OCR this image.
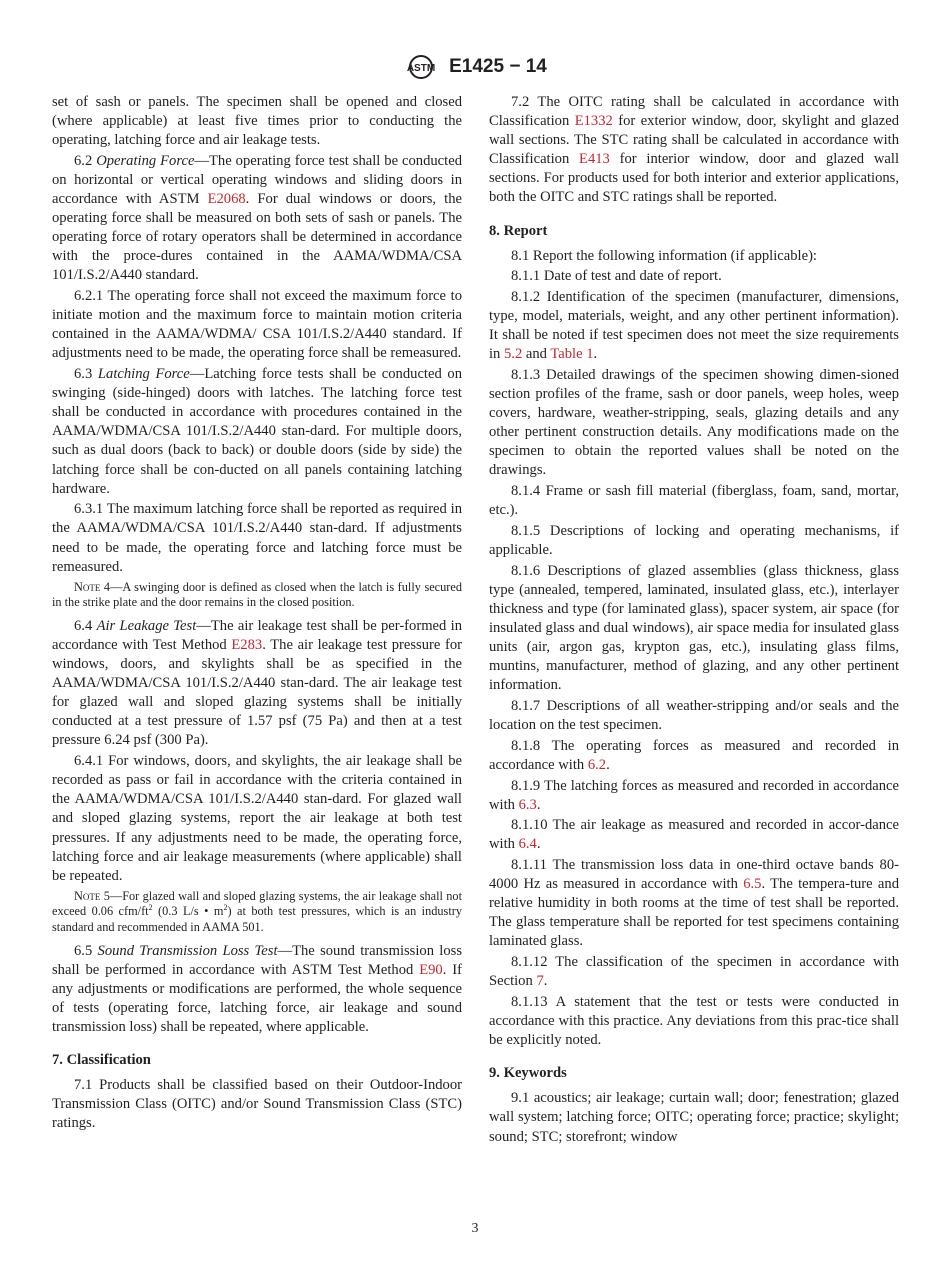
ASTM E1425 − 14

set of sash or panels. The specimen shall be opened and closed (where applicable) at least five times prior to conducting the operating, latching force and air leakage tests.

6.2 Operating Force—The operating force test shall be conducted on horizontal or vertical operating windows and sliding doors in accordance with ASTM E2068. For dual windows or doors, the operating force shall be measured on both sets of sash or panels. The operating force of rotary operators shall be determined in accordance with the proce-dures contained in the AAMA/WDMA/CSA 101/I.S.2/A440 standard.

6.2.1 The operating force shall not exceed the maximum force to initiate motion and the maximum force to maintain motion criteria contained in the AAMA/WDMA/ CSA 101/I.S.2/A440 standard. If adjustments need to be made, the operating force shall be remeasured.

6.3 Latching Force—Latching force tests shall be conducted on swinging (side-hinged) doors with latches. The latching force test shall be conducted in accordance with procedures contained in the AAMA/WDMA/CSA 101/I.S.2/A440 stan-dard. For multiple doors, such as dual doors (back to back) or double doors (side by side) the latching force shall be con-ducted on all panels containing latching hardware.

6.3.1 The maximum latching force shall be reported as required in the AAMA/WDMA/CSA 101/I.S.2/A440 stan-dard. If adjustments need to be made, the operating force and latching force must be remeasured.

Note 4—A swinging door is defined as closed when the latch is fully secured in the strike plate and the door remains in the closed position.

6.4 Air Leakage Test—The air leakage test shall be per-formed in accordance with Test Method E283. The air leakage test pressure for windows, doors, and skylights shall be as specified in the AAMA/WDMA/CSA 101/I.S.2/A440 stan-dard. The air leakage test for glazed wall and sloped glazing systems shall be initially conducted at a test pressure of 1.57 psf (75 Pa) and then at a test pressure 6.24 psf (300 Pa).

6.4.1 For windows, doors, and skylights, the air leakage shall be recorded as pass or fail in accordance with the criteria contained in the AAMA/WDMA/CSA 101/I.S.2/A440 stan-dard. For glazed wall and sloped glazing systems, report the air leakage at both test pressures. If any adjustments need to be made, the operating force, latching force and air leakage measurements (where applicable) shall be repeated.

Note 5—For glazed wall and sloped glazing systems, the air leakage shall not exceed 0.06 cfm/$ft^2$ (0.3 L/s • $m^2$) at both test pressures, which is an industry standard and recommended in AAMA 501.

6.5 Sound Transmission Loss Test—The sound transmission loss shall be performed in accordance with ASTM Test Method E90. If any adjustments or modifications are performed, the whole sequence of tests (operating force, latching force, air leakage and sound transmission loss) shall be repeated, where applicable.

7. Classification

7.1 Products shall be classified based on their Outdoor-Indoor Transmission Class (OITC) and/or Sound Transmission Class (STC) ratings.

7.2 The OITC rating shall be calculated in accordance with Classification E1332 for exterior window, door, skylight and glazed wall sections. The STC rating shall be calculated in accordance with Classification E413 for interior window, door and glazed wall sections. For products used for both interior and exterior applications, both the OITC and STC ratings shall be reported.

8. Report

8.1 Report the following information (if applicable):

8.1.1 Date of test and date of report.

8.1.2 Identification of the specimen (manufacturer, dimensions, type, model, materials, weight, and any other pertinent information). It shall be noted if test specimen does not meet the size requirements in 5.2 and Table 1.

8.1.3 Detailed drawings of the specimen showing dimen-sioned section profiles of the frame, sash or door panels, weep holes, weep covers, hardware, weather-stripping, seals, glazing details and any other pertinent construction details. Any modifications made on the specimen to obtain the reported values shall be noted on the drawings.

8.1.4 Frame or sash fill material (fiberglass, foam, sand, mortar, etc.).

8.1.5 Descriptions of locking and operating mechanisms, if applicable.

8.1.6 Descriptions of glazed assemblies (glass thickness, glass type (annealed, tempered, laminated, insulated glass, etc.), interlayer thickness and type (for laminated glass), spacer system, air space (for insulated glass and dual windows), air space media for insulated glass units (air, argon gas, krypton gas, etc.), insulating glass films, muntins, manufacturer, method of glazing, and any other pertinent information.

8.1.7 Descriptions of all weather-stripping and/or seals and the location on the test specimen.

8.1.8 The operating forces as measured and recorded in accordance with 6.2.

8.1.9 The latching forces as measured and recorded in accordance with 6.3.

8.1.10 The air leakage as measured and recorded in accor-dance with 6.4.

8.1.11 The transmission loss data in one-third octave bands 80-4000 Hz as measured in accordance with 6.5. The tempera-ture and relative humidity in both rooms at the time of test shall be reported. The glass temperature shall be reported for test specimens containing laminated glass.

8.1.12 The classification of the specimen in accordance with Section 7.

8.1.13 A statement that the test or tests were conducted in accordance with this practice. Any deviations from this prac-tice shall be explicitly noted.

9. Keywords

9.1 acoustics; air leakage; curtain wall; door; fenestration; glazed wall system; latching force; OITC; operating force; practice; skylight; sound; STC; storefront; window

3
